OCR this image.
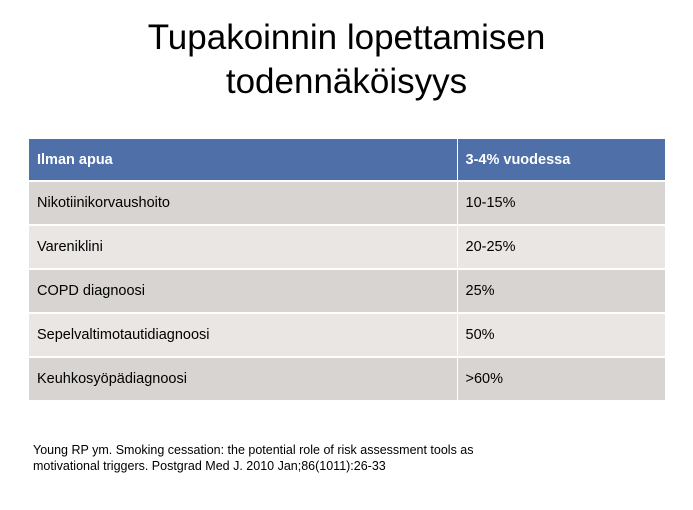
Tupakoinnin lopettamisen
todennäköisyys
Ilman apua	3-4% vuodessa
Nikotiinikorvaushoito	10-15%
Vareniklini	20-25%
COPD diagnoosi	25%
Sepelvaltimotautidiagnoosi	50%
Keuhkosyöpädiagnoosi	>60%

Young RP ym. Smoking cessation: the potential role of risk assessment tools as
motivational triggers. Postgrad Med J. 2010 Jan;86(1011):26-33
